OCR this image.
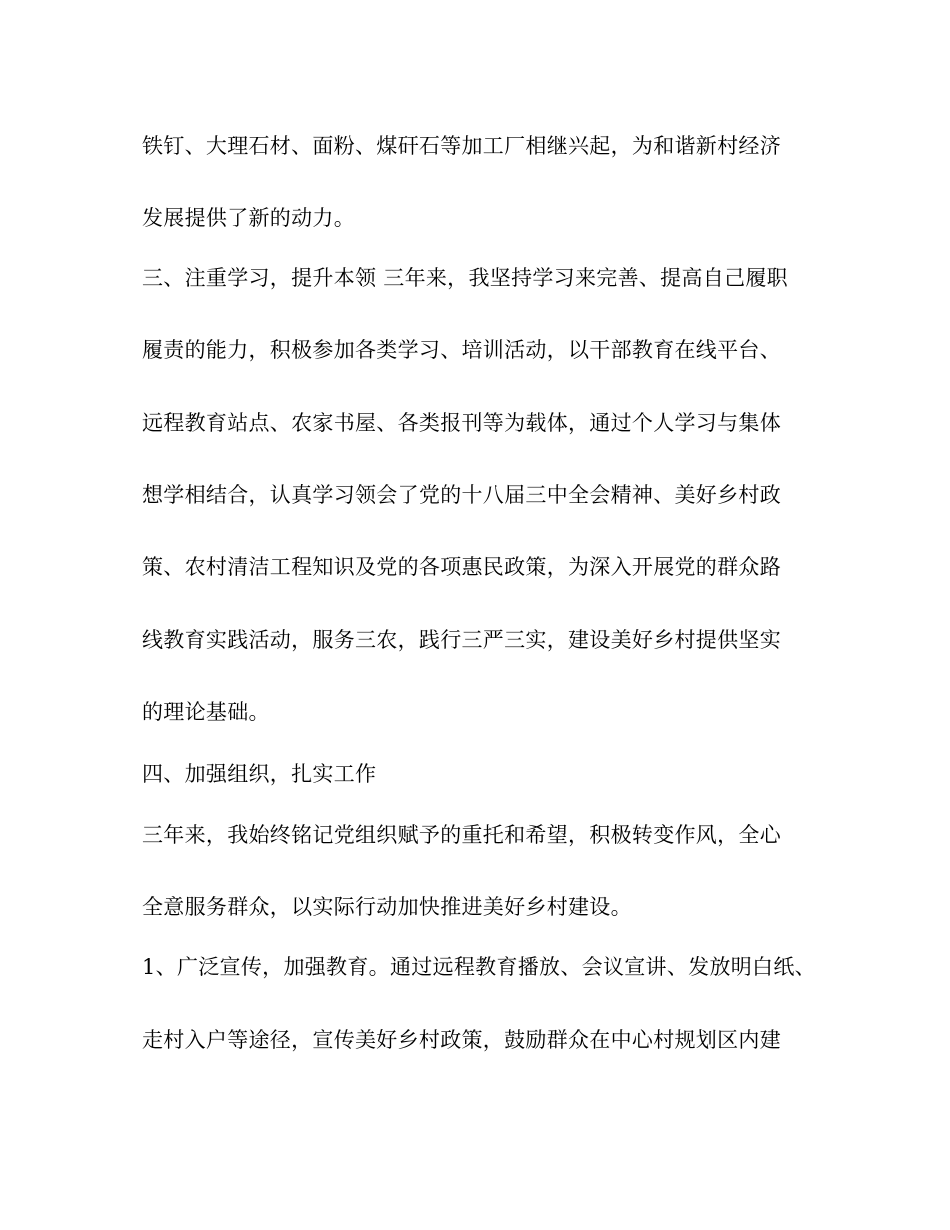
铁钉、大理石材、面粉、煤矸石等加工厂相继兴起，为和谐新村经济
发展提供了新的动力。
三、注重学习，提升本领 三年来，我坚持学习来完善、提高自己履职
履责的能力，积极参加各类学习、培训活动，以干部教育在线平台、
远程教育站点、农家书屋、各类报刊等为载体，通过个人学习与集体
想学相结合，认真学习领会了党的十八届三中全会精神、美好乡村政
策、农村清洁工程知识及党的各项惠民政策，为深入开展党的群众路
线教育实践活动，服务三农，践行三严三实，建设美好乡村提供坚实
的理论基础。
四、加强组织，扎实工作
三年来，我始终铭记党组织赋予的重托和希望，积极转变作风，全心
全意服务群众，以实际行动加快推进美好乡村建设。
1、广泛宣传，加强教育。通过远程教育播放、会议宣讲、发放明白纸、
走村入户等途径，宣传美好乡村政策，鼓励群众在中心村规划区内建
